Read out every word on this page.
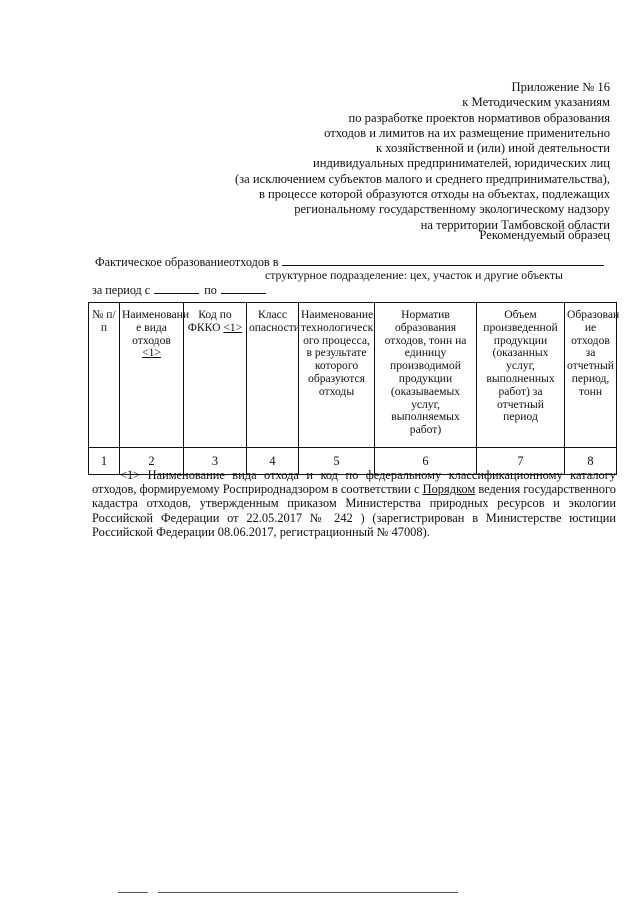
Приложение № 16
к Методическим указаниям
по разработке проектов нормативов образования
отходов и лимитов на их размещение применительно
к хозяйственной и (или) иной деятельности
индивидуальных предпринимателей, юридических лиц
(за исключением субъектов малого и среднего предпринимательства),
в процессе которой образуются отходы на объектах, подлежащих
региональному государственному экологическому надзору
на территории Тамбовской области
Рекомендуемый образец
Фактическое образованиеотходов в
структурное подразделение: цех, участок и другие объекты
за период с	по
№ п/п	Наименовани е вида отходов <1>	Код по ФККО <1>	Класс опасности	Наименование технологическ ого процесса, в результате которого образуются отходы	Норматив образования отходов, тонн на единицу производимой продукции (оказываемых услуг, выполняемых работ)	Объем произведенной продукции (оказанных услуг, выполненных работ) за отчетный период	Образован ие отходов за отчетный период, тонн
1	2	3	4	5	6	7	8

<1> Наименование вида отхода и код по федеральному классификационному каталогу отходов, формируемому Росприроднадзором в соответствии с Порядком ведения государственного кадастра отходов, утвержденным приказом Министерства природных ресурсов и экологии Российской Федерации от 22.05.2017 № 242 ) (зарегистрирован в Министерстве юстиции Российской Федерации 08.06.2017, регистрационный № 47008).
